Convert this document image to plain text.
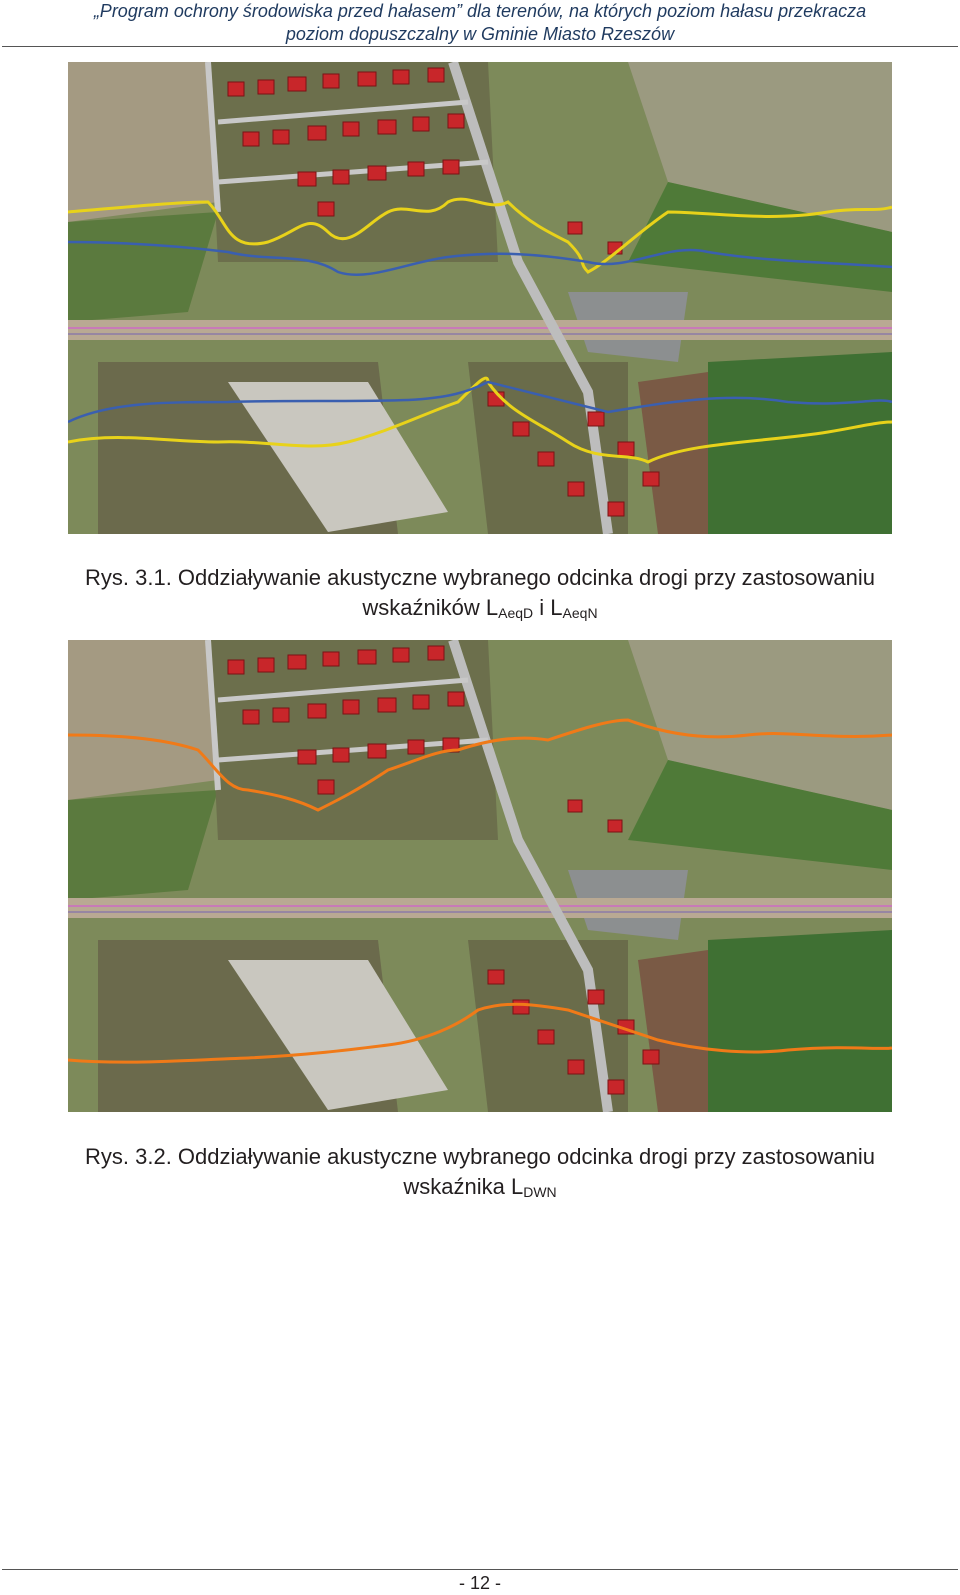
„Program ochrony środowiska przed hałasem” dla terenów, na których poziom hałasu przekracza
poziom dopuszczalny w Gminie Miasto Rzeszów
Rys. 3.1. Oddziaływanie akustyczne wybranego odcinka drogi przy zastosowaniu
wskaźników $L_{AeqD}$ i $L_{AeqN}$
Rys. 3.2. Oddziaływanie akustyczne wybranego odcinka drogi przy zastosowaniu
wskaźnika $L_{DWN}$
- 12 -
